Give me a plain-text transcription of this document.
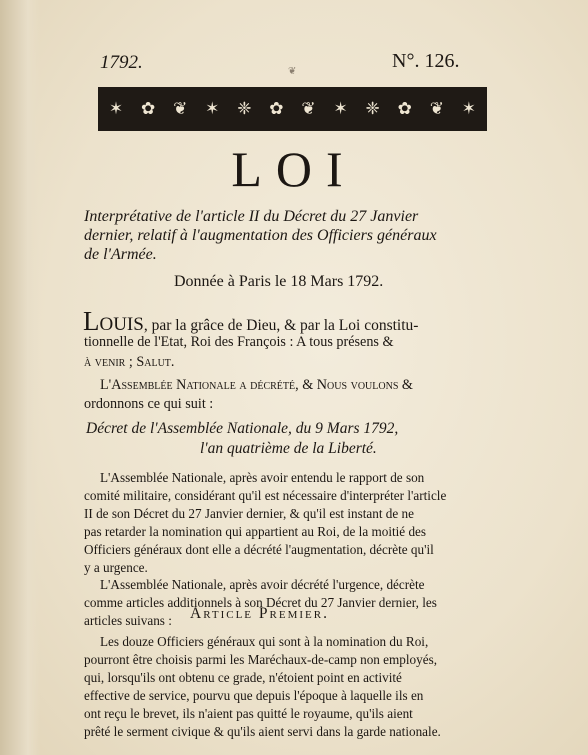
1792.	❦	N°. 126.
✶ ✿ ❦ ✶ ❈ ✿ ❦ ✶ ❈ ✿ ❦ ✶
LOI
Interprétative de l'article II du Décret du 27 Janvier
dernier, relatif à l'augmentation des Officiers généraux
de l'Armée.
Donnée à Paris le 18 Mars 1792.
Louis, par la grâce de Dieu, & par la Loi constitu-
tionnelle de l'Etat, Roi des François : A tous présens &
à venir ; Salut.
L'Assemblée Nationale a décrété, & Nous voulons &
ordonnons ce qui suit :
Décret de l'Assemblée Nationale, du 9 Mars 1792,
l'an quatrième de la Liberté.
L'Assemblée Nationale, après avoir entendu le rapport de son
comité militaire, considérant qu'il est nécessaire d'interpréter l'article
II de son Décret du 27 Janvier dernier, & qu'il est instant de ne
pas retarder la nomination qui appartient au Roi, de la moitié des
Officiers généraux dont elle a décrété l'augmentation, décrète qu'il
y a urgence.
L'Assemblée Nationale, après avoir décrété l'urgence, décrète
comme articles additionnels à son Décret du 27 Janvier dernier, les
articles suivans : Article Premier.
Les douze Officiers généraux qui sont à la nomination du Roi,
pourront être choisis parmi les Maréchaux-de-camp non employés,
qui, lorsqu'ils ont obtenu ce grade, n'étoient point en activité
effective de service, pourvu que depuis l'époque à laquelle ils en
ont reçu le brevet, ils n'aient pas quitté le royaume, qu'ils aient
prêté le serment civique & qu'ils aient servi dans la garde nationale.
